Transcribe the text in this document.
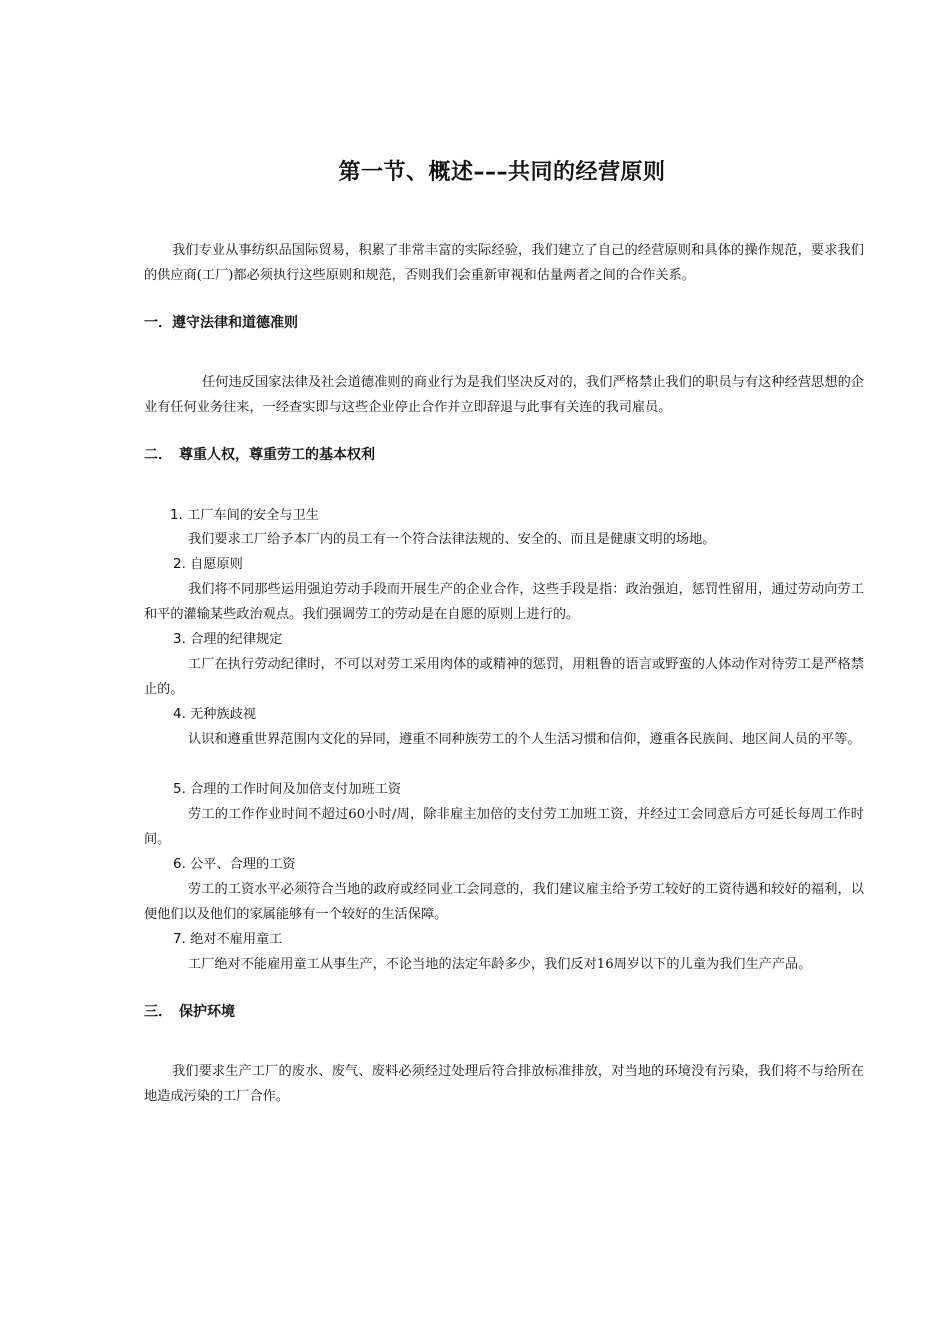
第一节、概述–––共同的经营原则
我们专业从事纺织品国际贸易，积累了非常丰富的实际经验，我们建立了自己的经营原则和具体的操作规范，要求我们的供应商(工厂)都必须执行这些原则和规范，否则我们会重新审视和估量两者之间的合作关系。
一．遵守法律和道德准则
任何违反国家法律及社会道德准则的商业行为是我们坚决反对的，我们严格禁止我们的职员与有这种经营思想的企业有任何业务往来，一经查实即与这些企业停止合作并立即辞退与此事有关连的我司雇员。
二．　尊重人权，尊重劳工的基本权利
1. 工厂车间的安全与卫生
我们要求工厂给予本厂内的员工有一个符合法律法规的、安全的、而且是健康文明的场地。
2. 自愿原则
我们将不同那些运用强迫劳动手段而开展生产的企业合作，这些手段是指：政治强迫，惩罚性留用，通过劳动向劳工和平的灌输某些政治观点。我们强调劳工的劳动是在自愿的原则上进行的。
3. 合理的纪律规定
工厂在执行劳动纪律时，不可以对劳工采用肉体的或精神的惩罚，用粗鲁的语言或野蛮的人体动作对待劳工是严格禁止的。
4. 无种族歧视
认识和遵重世界范围内文化的异同，遵重不同种族劳工的个人生活习惯和信仰，遵重各民族间、地区间人员的平等。
5. 合理的工作时间及加倍支付加班工资
劳工的工作作业时间不超过60小时/周，除非雇主加倍的支付劳工加班工资，并经过工会同意后方可延长每周工作时间。
6. 公平、合理的工资
劳工的工资水平必须符合当地的政府或经同业工会同意的，我们建议雇主给予劳工较好的工资待遇和较好的福利，以便他们以及他们的家属能够有一个较好的生活保障。
7. 绝对不雇用童工
工厂绝对不能雇用童工从事生产，不论当地的法定年龄多少，我们反对16周岁以下的儿童为我们生产产品。
三．　保护环境
我们要求生产工厂的废水、废气、废料必须经过处理后符合排放标准排放，对当地的环境没有污染，我们将不与给所在地造成污染的工厂合作。
